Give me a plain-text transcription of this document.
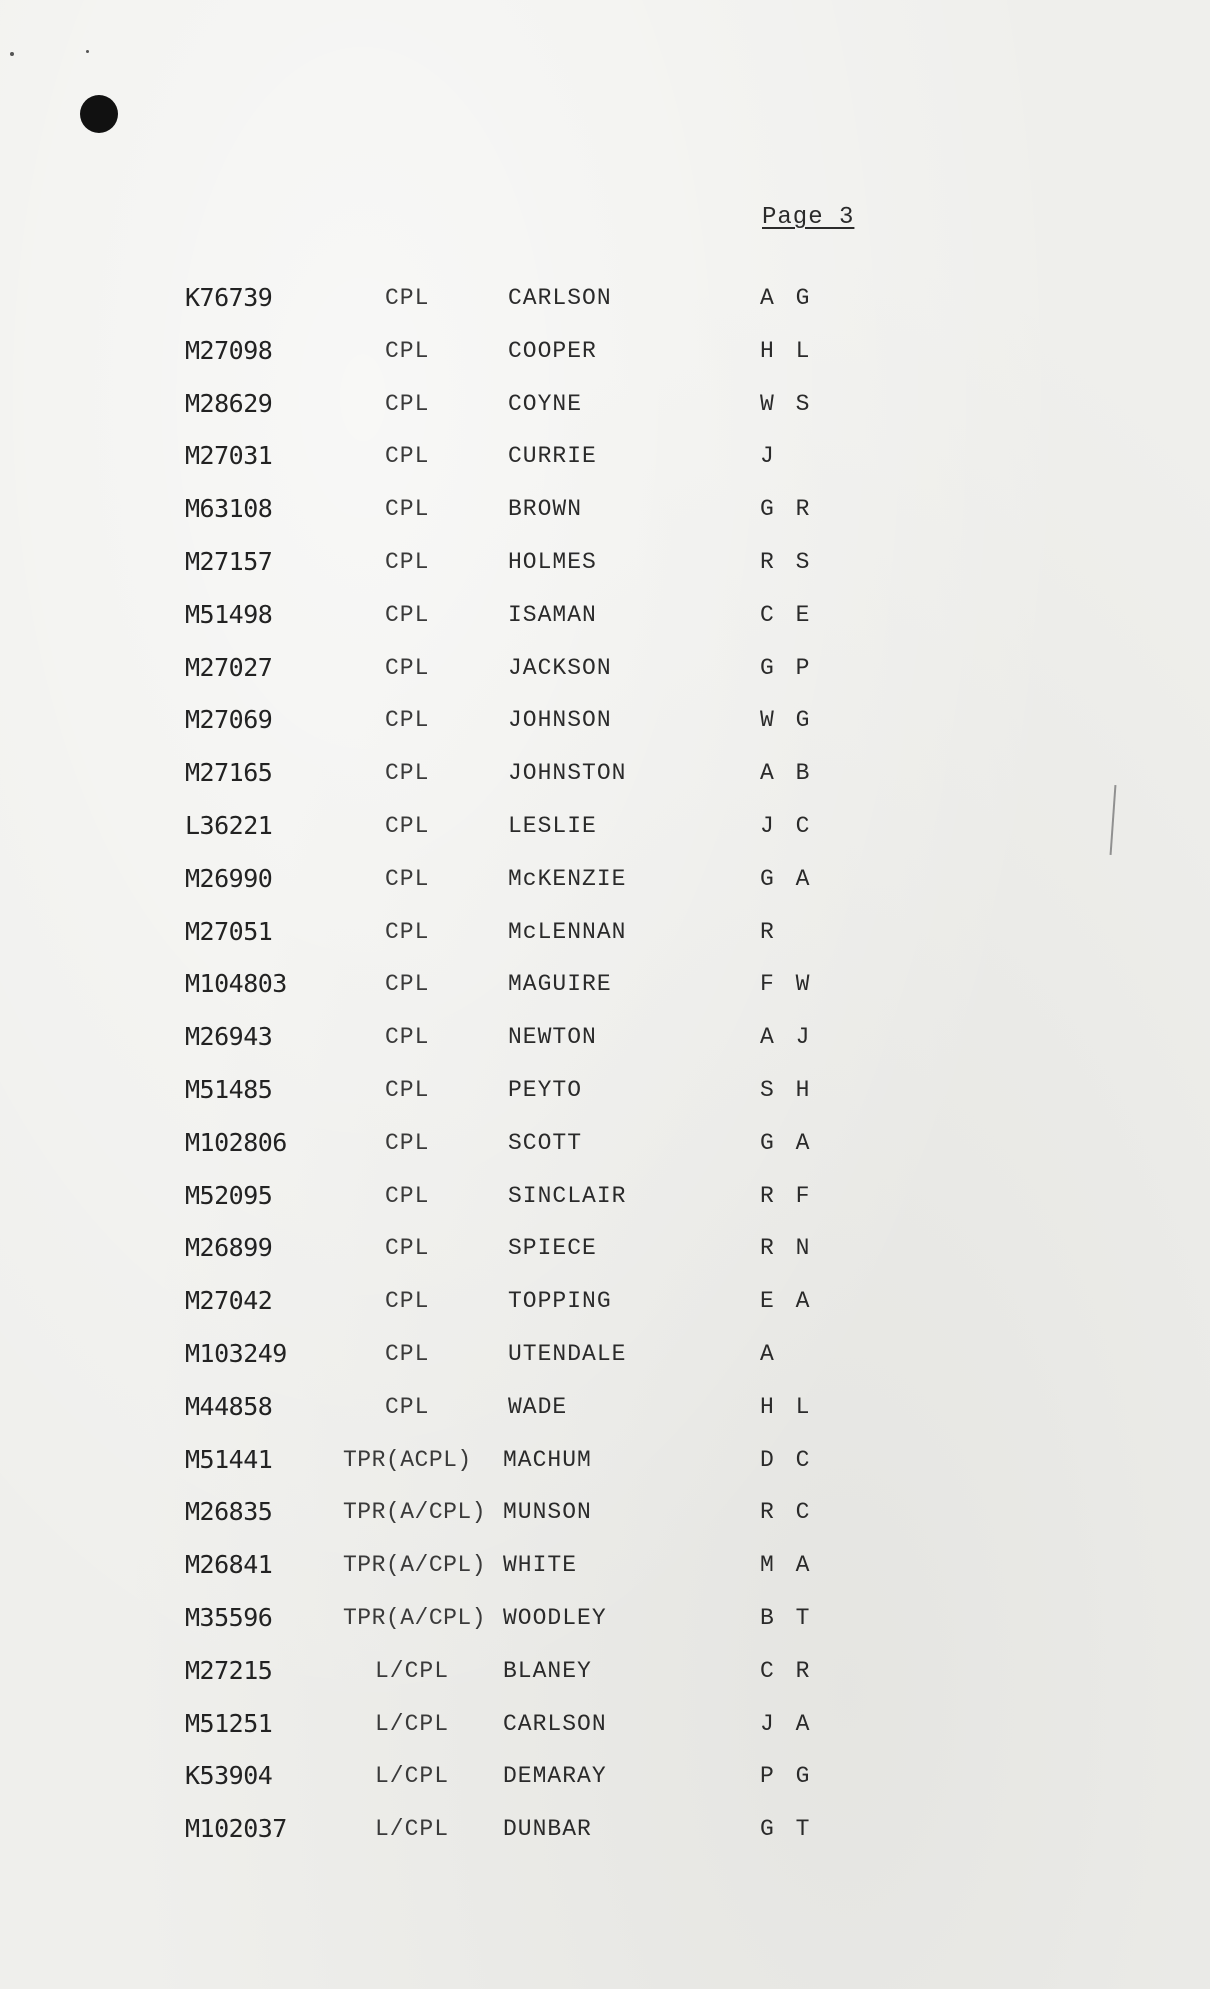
Page 3
K76739	CPL	CARLSON	A G
M27098	CPL	COOPER	H L
M28629	CPL	COYNE	W S
M27031	CPL	CURRIE	J
M63108	CPL	BROWN	G R
M27157	CPL	HOLMES	R S
M51498	CPL	ISAMAN	C E
M27027	CPL	JACKSON	G P
M27069	CPL	JOHNSON	W G
M27165	CPL	JOHNSTON	A B
L36221	CPL	LESLIE	J C
M26990	CPL	McKENZIE	G A
M27051	CPL	McLENNAN	R
M104803	CPL	MAGUIRE	F W
M26943	CPL	NEWTON	A J
M51485	CPL	PEYTO	S H
M102806	CPL	SCOTT	G A
M52095	CPL	SINCLAIR	R F
M26899	CPL	SPIECE	R N
M27042	CPL	TOPPING	E A
M103249	CPL	UTENDALE	A
M44858	CPL	WADE	H L
M51441	TPR(ACPL) MACHUM	D C
M26835	TPR(A/CPL) MUNSON	R C
M26841	TPR(A/CPL) WHITE	M A
M35596	TPR(A/CPL) WOODLEY	B T
M27215	L/CPL BLANEY	C R
M51251	L/CPL CARLSON	J A
K53904	L/CPL DEMARAY	P G
M102037	L/CPL DUNBAR	G T
